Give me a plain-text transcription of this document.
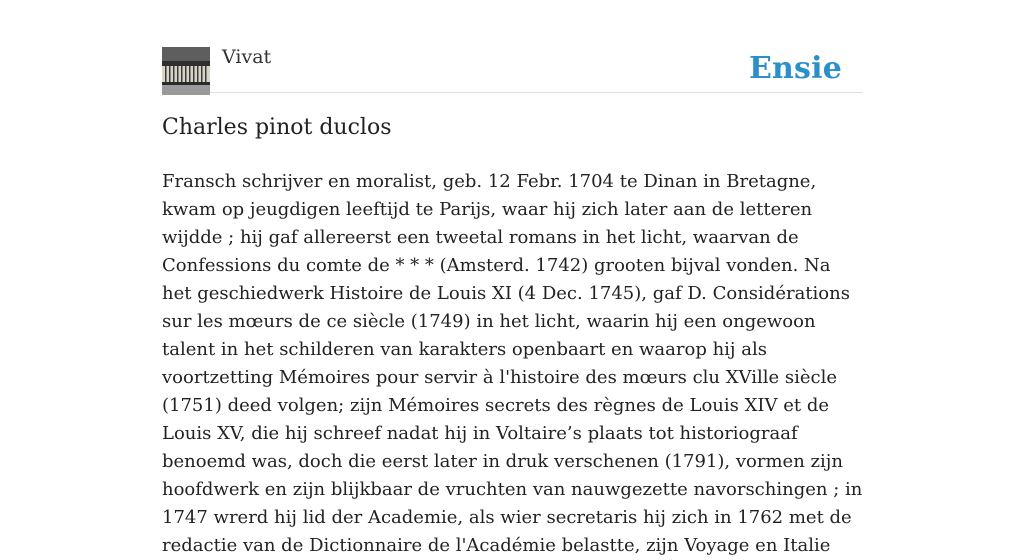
Vivat	Ensie
Charles pinot duclos

Fransch schrijver en moralist, geb. 12 Febr. 1704 te Dinan in Bretagne, kwam op jeugdigen leeftijd te Parijs, waar hij zich later aan de letteren wijdde ; hij gaf allereerst een tweetal romans in het licht, waarvan de Confessions du comte de * * * (Amsterd. 1742) grooten bijval vonden. Na het geschiedwerk Histoire de Louis XI (4 Dec. 1745), gaf D. Considérations sur les mœurs de ce siècle (1749) in het licht, waarin hij een ongewoon talent in het schilderen van karakters openbaart en waarop hij als voortzetting Mémoires pour servir à l'histoire des mœurs clu XVille siècle (1751) deed volgen; zijn Mémoires secrets des règnes de Louis XIV et de Louis XV, die hij schreef nadat hij in Voltaire’s plaats tot historiograaf benoemd was, doch die eerst later in druk verschenen (1791), vormen zijn hoofdwerk en zijn blijkbaar de vruchten van nauwgezette navorschingen ; in 1747 wrerd hij lid der Academie, als wier secretaris hij zich in 1762 met de redactie van de Dictionnaire de l'Académie belastte, zijn Voyage en Italie
